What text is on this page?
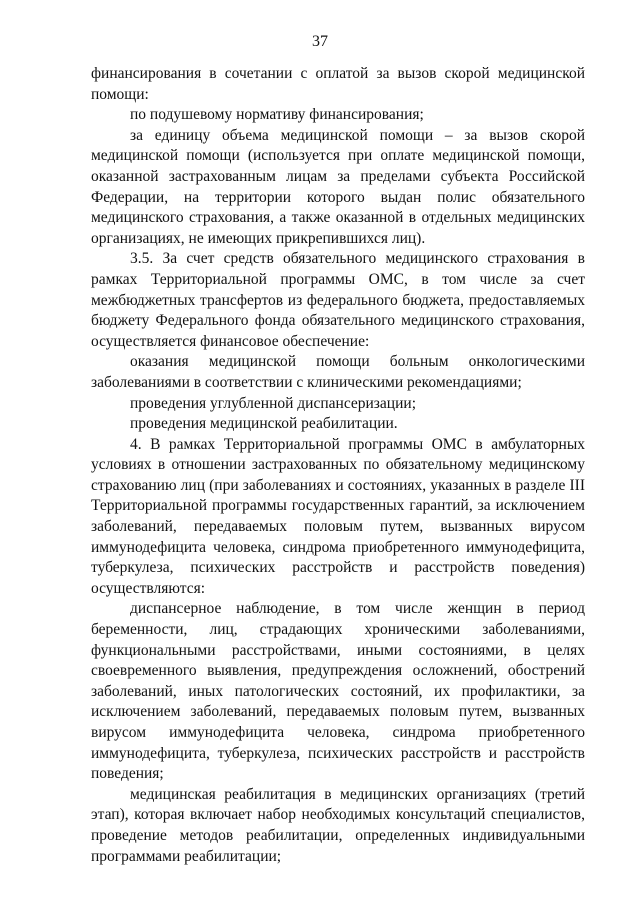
37

финансирования в сочетании с оплатой за вызов скорой медицинской помощи:

по подушевому нормативу финансирования;

за единицу объема медицинской помощи – за вызов скорой медицинской помощи (используется при оплате медицинской помощи, оказанной застрахованным лицам за пределами субъекта Российской Федерации, на территории которого выдан полис обязательного медицинского страхования, а также оказанной в отдельных медицинских организациях, не имеющих прикрепившихся лиц).

3.5. За счет средств обязательного медицинского страхования в рамках Территориальной программы ОМС, в том числе за счет межбюджетных трансфертов из федерального бюджета, предоставляемых бюджету Федерального фонда обязательного медицинского страхования, осуществляется финансовое обеспечение:

оказания медицинской помощи больным онкологическими заболеваниями в соответствии с клиническими рекомендациями;

проведения углубленной диспансеризации;

проведения медицинской реабилитации.

4. В рамках Территориальной программы ОМС в амбулаторных условиях в отношении застрахованных по обязательному медицинскому страхованию лиц (при заболеваниях и состояниях, указанных в разделе III Территориальной программы государственных гарантий, за исключением заболеваний, передаваемых половым путем, вызванных вирусом иммунодефицита человека, синдрома приобретенного иммунодефицита, туберкулеза, психических расстройств и расстройств поведения) осуществляются:

диспансерное наблюдение, в том числе женщин в период беременности, лиц, страдающих хроническими заболеваниями, функциональными расстройствами, иными состояниями, в целях своевременного выявления, предупреждения осложнений, обострений заболеваний, иных патологических состояний, их профилактики, за исключением заболеваний, передаваемых половым путем, вызванных вирусом иммунодефицита человека, синдрома приобретенного иммунодефицита, туберкулеза, психических расстройств и расстройств поведения;

медицинская реабилитация в медицинских организациях (третий этап), которая включает набор необходимых консультаций специалистов, проведение методов реабилитации, определенных индивидуальными программами реабилитации;
